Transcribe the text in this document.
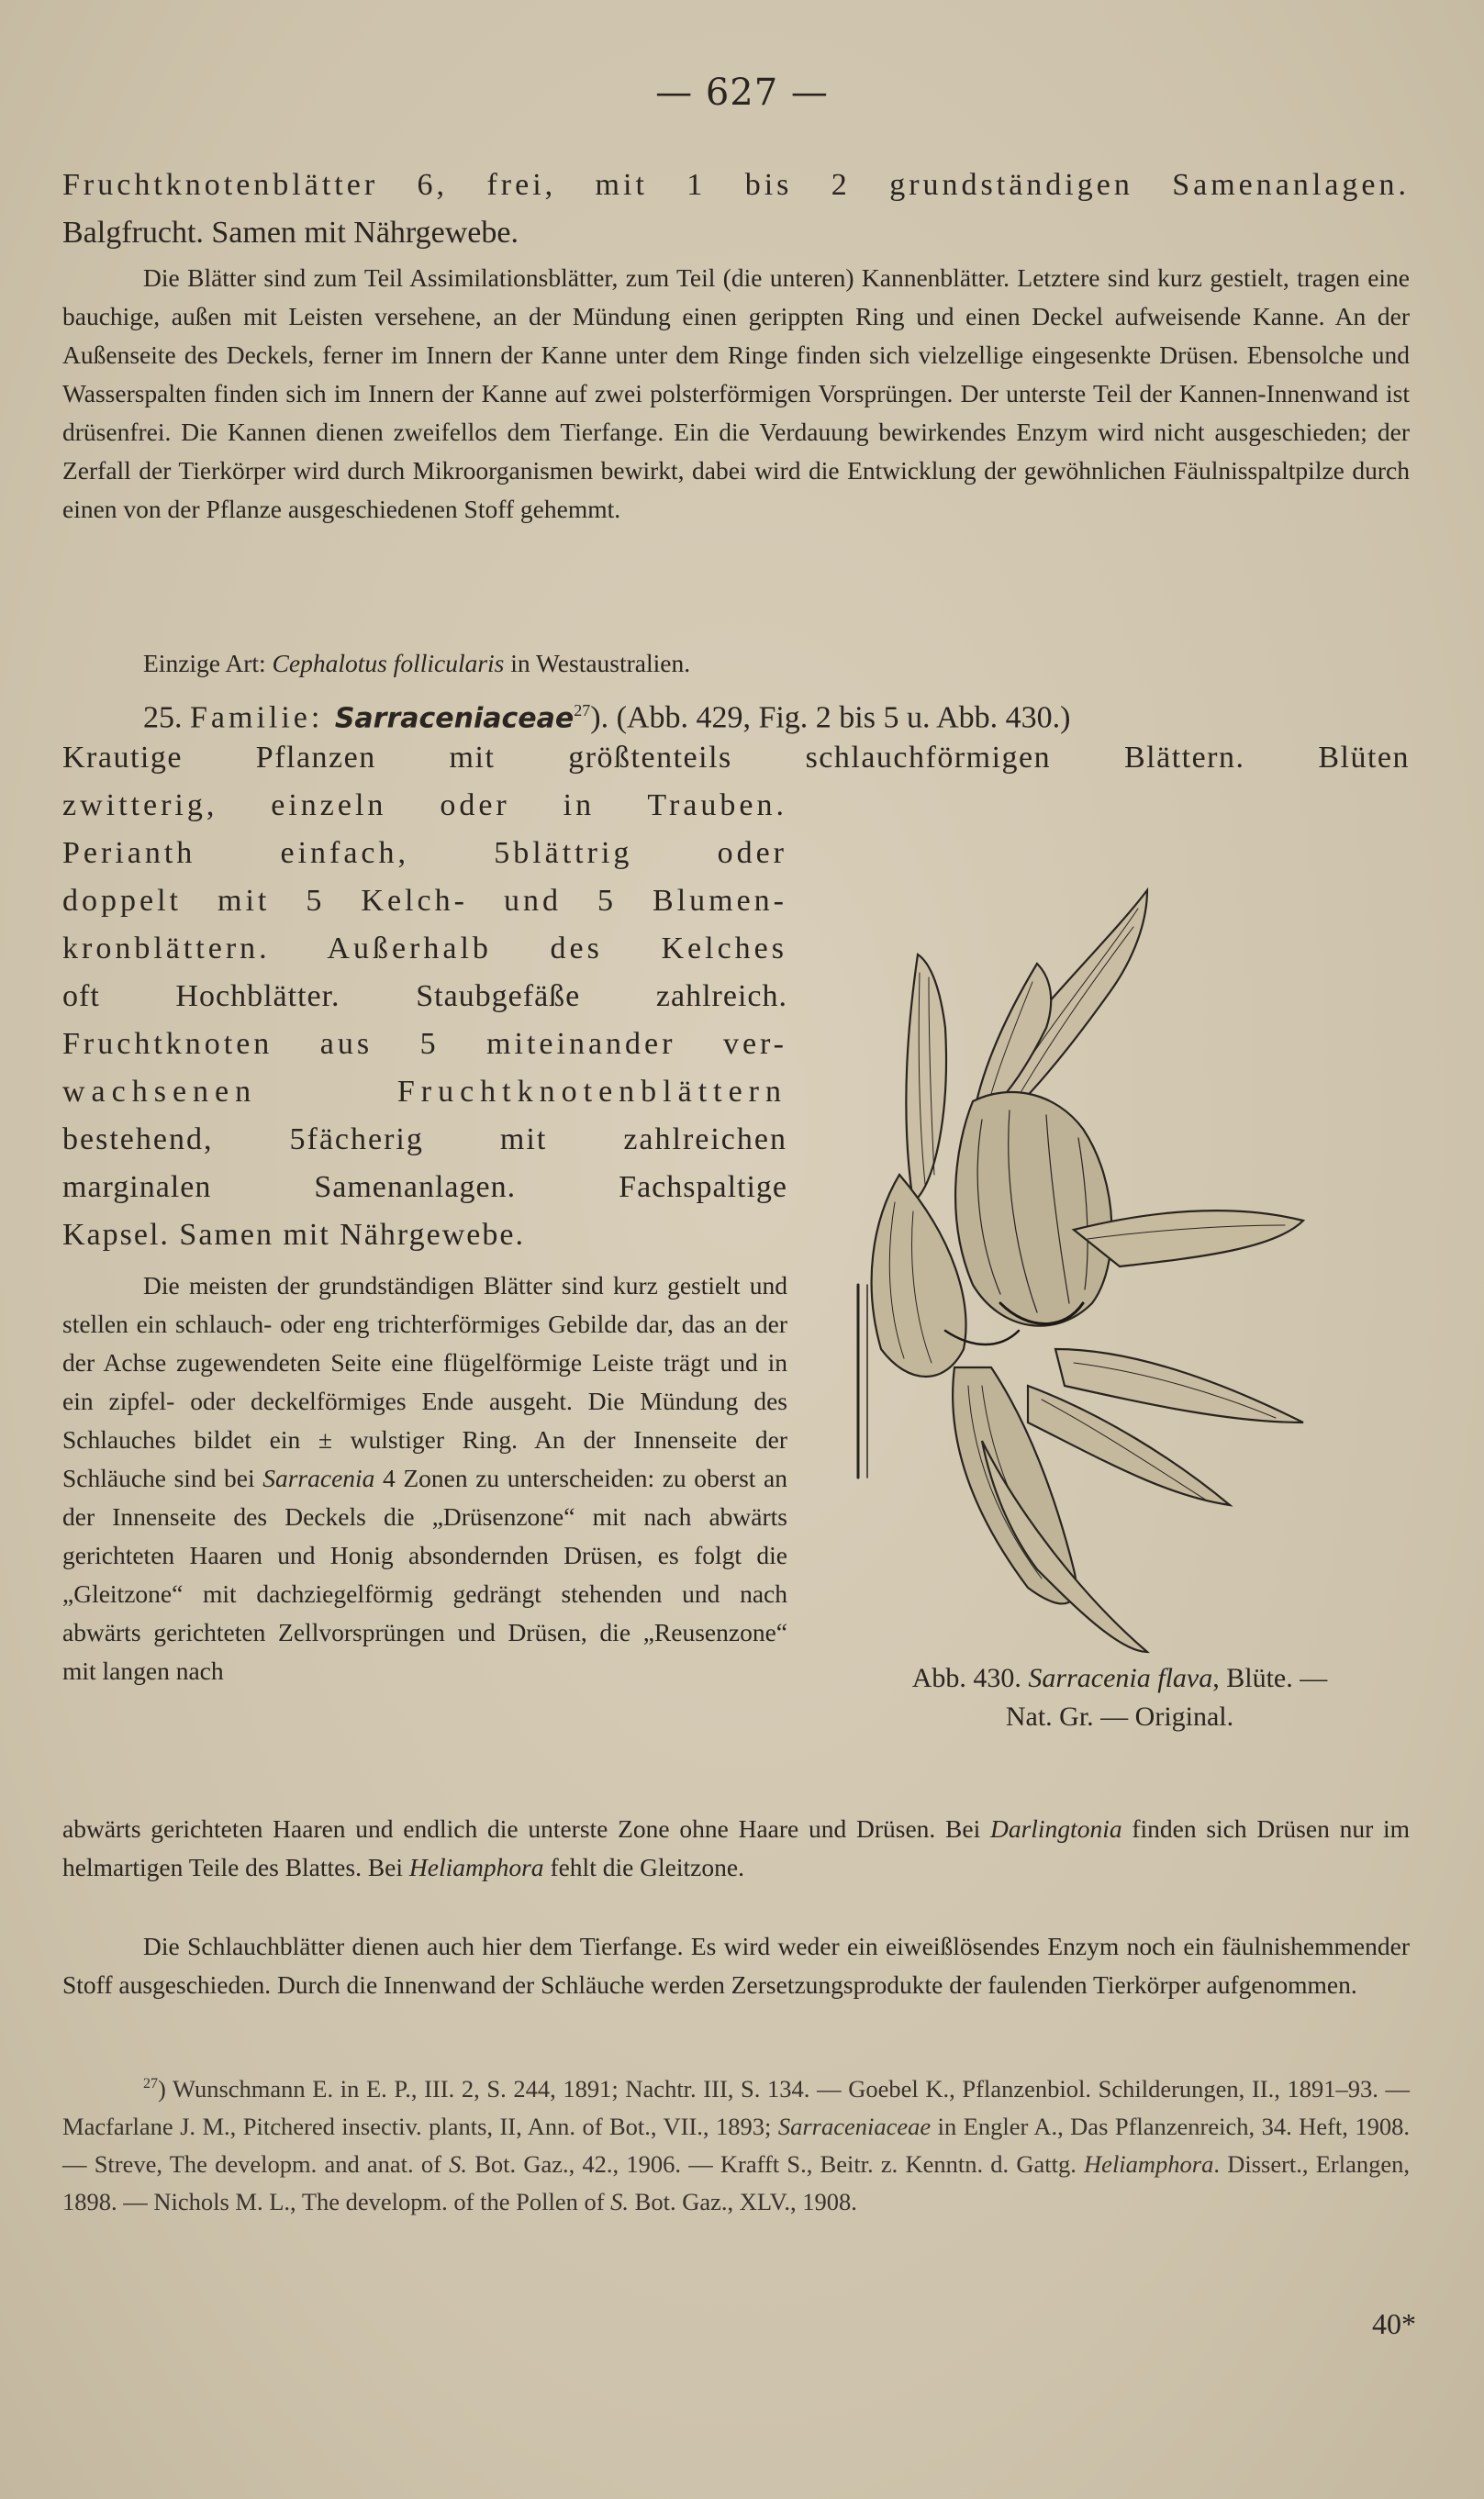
— 627 —
Fruchtknotenblätter 6, frei, mit 1 bis 2 grundständigen Samenanlagen.
Balgfrucht. Samen mit Nährgewebe.
Die Blätter sind zum Teil Assimilationsblätter, zum Teil (die unteren) Kannenblätter. Letztere sind kurz gestielt, tragen eine bauchige, außen mit Leisten versehene, an der Mündung einen gerippten Ring und einen Deckel aufweisende Kanne. An der Außenseite des Deckels, ferner im Innern der Kanne unter dem Ringe finden sich vielzellige eingesenkte Drüsen. Ebensolche und Wasserspalten finden sich im Innern der Kanne auf zwei polsterförmigen Vorsprüngen. Der unterste Teil der Kannen-Innenwand ist drüsenfrei. Die Kannen dienen zweifellos dem Tierfange. Ein die Verdauung bewirkendes Enzym wird nicht ausgeschieden; der Zerfall der Tierkörper wird durch Mikroorganismen bewirkt, dabei wird die Entwicklung der gewöhnlichen Fäulnisspaltpilze durch einen von der Pflanze ausgeschiedenen Stoff gehemmt.
Einzige Art: Cephalotus follicularis in Westaustralien.
25. Familie: Sarraceniaceae$^{27}$). (Abb. 429, Fig. 2 bis 5 u. Abb. 430.)
Krautige Pflanzen mit größtenteils schlauchförmigen Blättern. Blüten
zwitterig, einzeln oder in Trauben.
Perianth einfach, 5blättrig oder
doppelt mit 5 Kelch- und 5 Blumen-
kronblättern. Außerhalb des Kelches
oft Hochblätter. Staubgefäße zahlreich.
Fruchtknoten aus 5 miteinander ver-
wachsenen Fruchtknotenblättern
bestehend, 5fächerig mit zahlreichen
marginalen Samenanlagen. Fachspaltige
Kapsel. Samen mit Nährgewebe.
Die meisten der grundständigen Blätter sind kurz gestielt und stellen ein schlauch- oder eng trichterförmiges Gebilde dar, das an der der Achse zugewendeten Seite eine flügelförmige Leiste trägt und in ein zipfel- oder deckelförmiges Ende ausgeht. Die Mündung des Schlauches bildet ein ± wulstiger Ring. An der Innenseite der Schläuche sind bei Sarracenia 4 Zonen zu unterscheiden: zu oberst an der Innenseite des Deckels die „Drüsenzone“ mit nach abwärts gerichteten Haaren und Honig absondernden Drüsen, es folgt die „Gleitzone“ mit dachziegelförmig gedrängt stehenden und nach abwärts gerichteten Zellvorsprüngen und Drüsen, die „Reusenzone“ mit langen nach
abwärts gerichteten Haaren und endlich die unterste Zone ohne Haare und Drüsen. Bei Darlingtonia finden sich Drüsen nur im helmartigen Teile des Blattes. Bei Heliamphora fehlt die Gleitzone.
Die Schlauchblätter dienen auch hier dem Tierfange. Es wird weder ein eiweißlösendes Enzym noch ein fäulnishemmender Stoff ausgeschieden. Durch die Innenwand der Schläuche werden Zersetzungsprodukte der faulenden Tierkörper aufgenommen.
Abb. 430. Sarracenia flava, Blüte. —
Nat. Gr. — Original.
$^{27}$) Wunschmann E. in E. P., III. 2, S. 244, 1891; Nachtr. III, S. 134. — Goebel K., Pflanzenbiol. Schilderungen, II., 1891–93. — Macfarlane J. M., Pitchered insectiv. plants, II, Ann. of Bot., VII., 1893; Sarraceniaceae in Engler A., Das Pflanzenreich, 34. Heft, 1908. — Streve, The developm. and anat. of S. Bot. Gaz., 42., 1906. — Krafft S., Beitr. z. Kenntn. d. Gattg. Heliamphora. Dissert., Erlangen, 1898. — Nichols M. L., The developm. of the Pollen of S. Bot. Gaz., XLV., 1908.
40*
